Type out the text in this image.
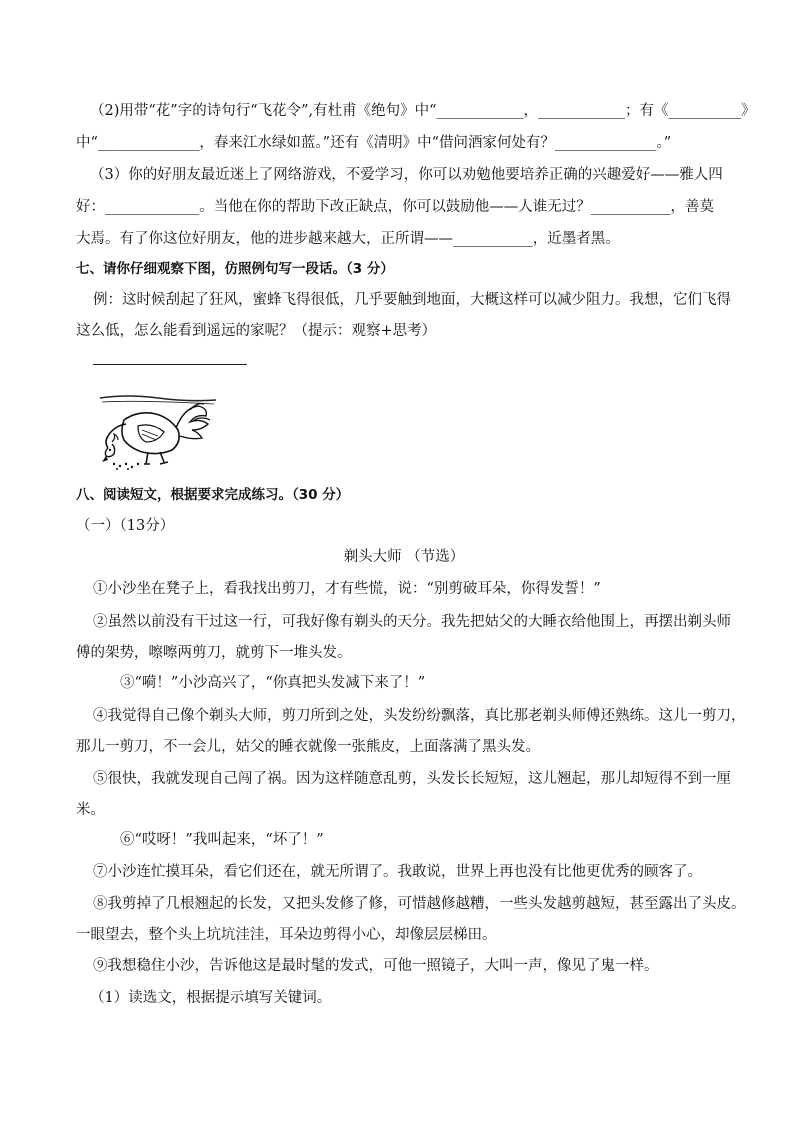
（2)用带“花”字的诗句行“飞花令”,有杜甫《绝句》中“____________，____________；有《__________》
中“______________，春来江水绿如蓝。”还有《清明》中“借问酒家何处有？______________。”
（3）你的好朋友最近迷上了网络游戏，不爱学习，你可以劝勉他要培养正确的兴趣爱好——雅人四
好：_____________。当他在你的帮助下改正缺点，你可以鼓励他——人谁无过？___________，善莫
大焉。有了你这位好朋友，他的进步越来越大，正所谓——___________，近墨者黑。
七、请你仔细观察下图，仿照例句写一段话。（3 分）
例：这时候刮起了狂风，蜜蜂飞得很低，几乎要触到地面，大概这样可以减少阻力。我想，它们飞得
这么低，怎么能看到遥远的家呢？（提示：观察+思考）
八、阅读短文，根据要求完成练习。（30 分）
（一）（13分）
剃头大师 （节选）
①小沙坐在凳子上，看我找出剪刀，才有些慌，说：“别剪破耳朵，你得发誓！”
②虽然以前没有干过这一行，可我好像有剃头的天分。我先把姑父的大睡衣给他围上，再摆出剃头师
傅的架势，嚓嚓两剪刀，就剪下一堆头发。
③“嗬！”小沙高兴了，“你真把头发减下来了！”
④我觉得自己像个剃头大师，剪刀所到之处，头发纷纷飘落，真比那老剃头师傅还熟练。这儿一剪刀，
那儿一剪刀，不一会儿，姑父的睡衣就像一张熊皮，上面落满了黑头发。
⑤很快，我就发现自己闯了祸。因为这样随意乱剪，头发长长短短，这儿翘起，那儿却短得不到一厘
米。
⑥“哎呀！”我叫起来，“坏了！”
⑦小沙连忙摸耳朵，看它们还在，就无所谓了。我敢说，世界上再也没有比他更优秀的顾客了。
⑧我剪掉了几根翘起的长发，又把头发修了修，可惜越修越糟，一些头发越剪越短，甚至露出了头皮。
一眼望去，整个头上坑坑洼洼，耳朵边剪得小心，却像层层梯田。
⑨我想稳住小沙，告诉他这是最时髦的发式，可他一照镜子，大叫一声，像见了鬼一样。
（1）读选文，根据提示填写关键词。
